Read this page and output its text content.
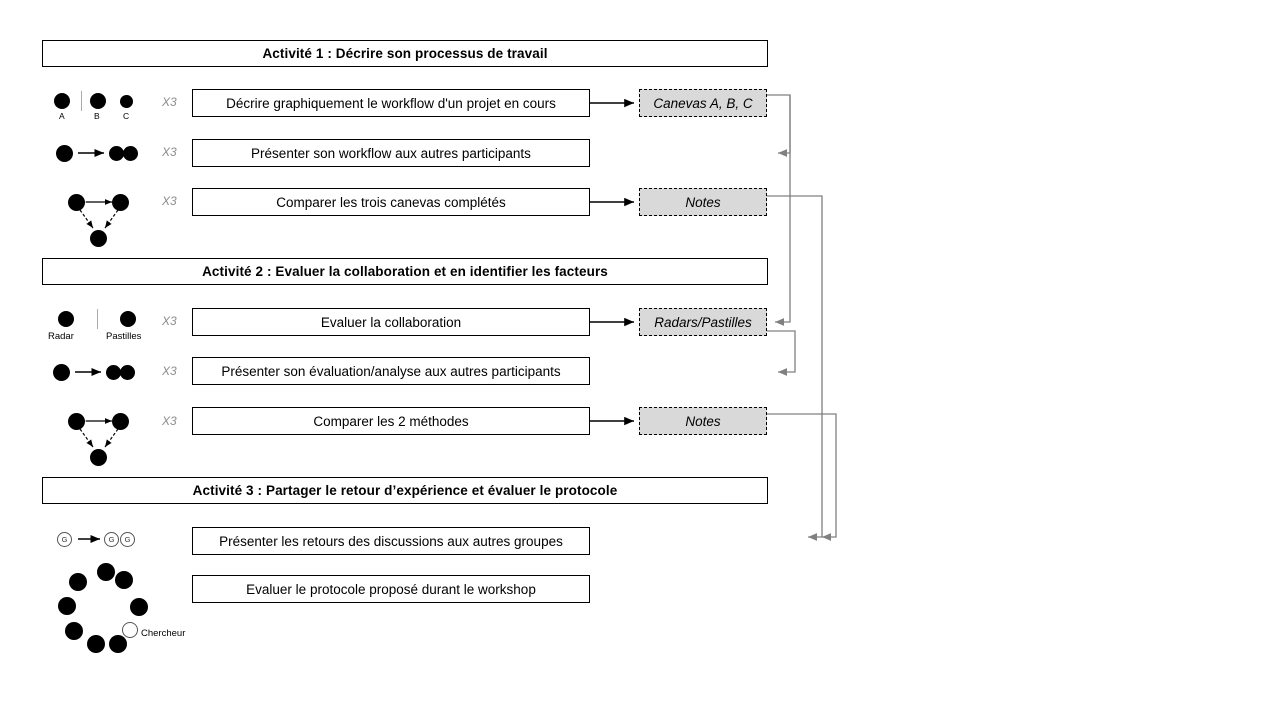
Activité 1 : Décrire son processus de travail
A	B	C
X3	Décrire graphiquement le workflow d'un projet en cours	Canevas A, B, C
X3	Présenter son workflow aux autres participants
X3	Comparer les trois canevas complétés	Notes
Activité 2 : Evaluer la collaboration et en identifier les facteurs
Radar	Pastilles
X3	Evaluer la collaboration	Radars/Pastilles
X3	Présenter son évaluation/analyse aux autres participants
X3	Comparer les 2 méthodes	Notes
Activité 3 : Partager le retour d’expérience et évaluer le protocole
G	G	G	Présenter les retours des discussions aux autres groupes
Chercheur
Evaluer le protocole proposé durant le workshop
